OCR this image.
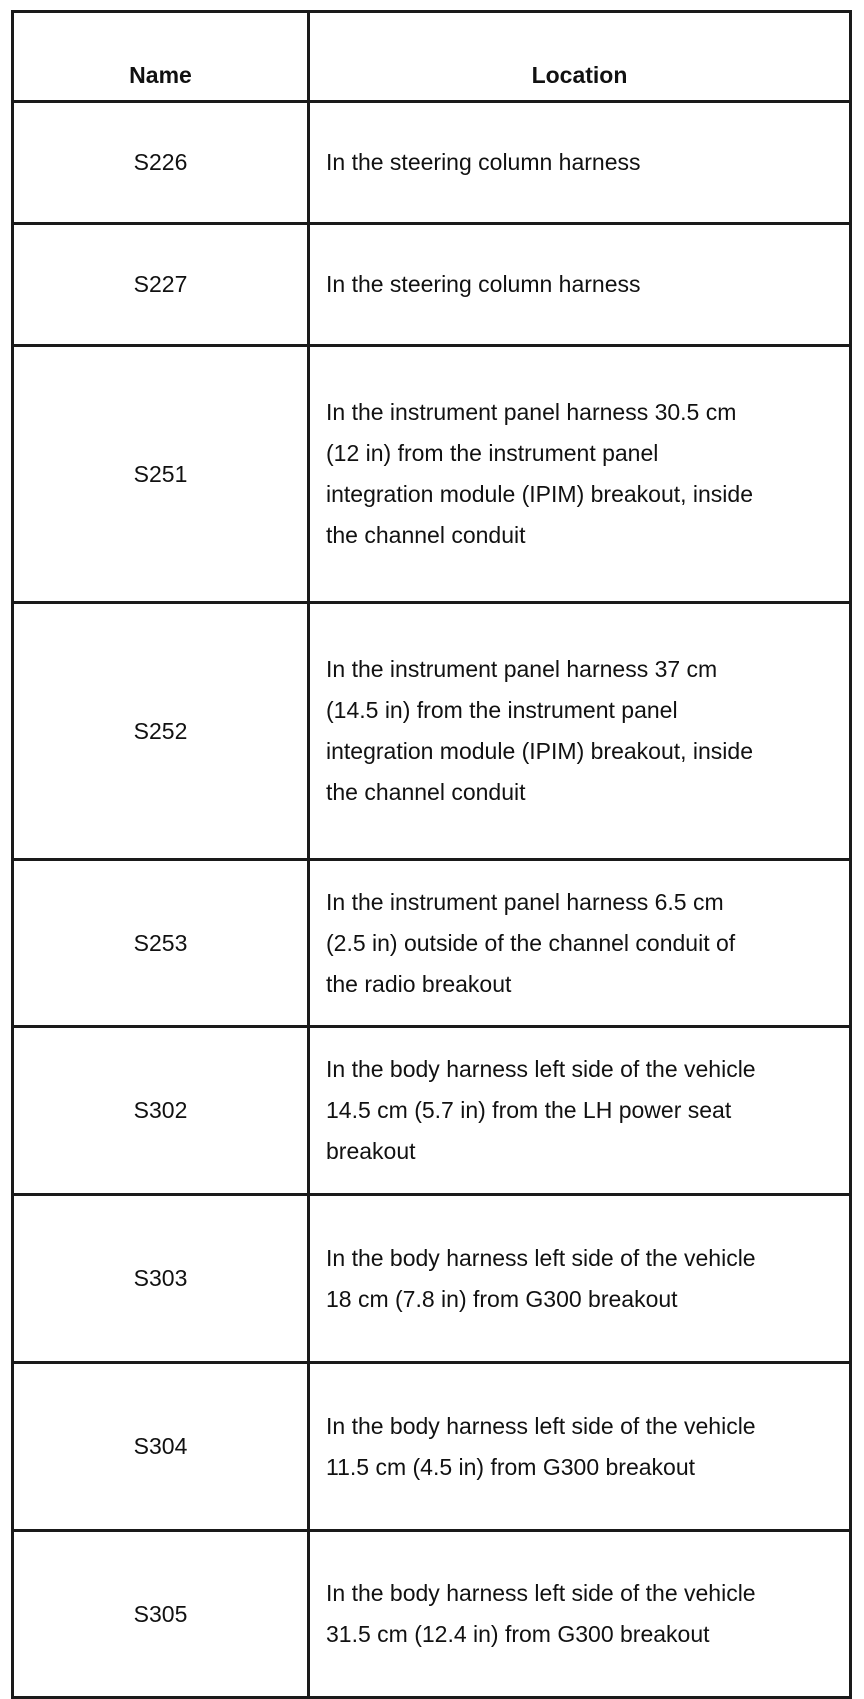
Name	Location
S226	In the steering column harness

S227	In the steering column harness

S251	In the instrument panel harness 30.5 cm (12 in) from the instrument panel integration module (IPIM) breakout, inside the channel conduit

S252	In the instrument panel harness 37 cm (14.5 in) from the instrument panel integration module (IPIM) breakout, inside the channel conduit

S253	In the instrument panel harness 6.5 cm (2.5 in) outside of the channel conduit of the radio breakout

S302	In the body harness left side of the vehicle 14.5 cm (5.7 in) from the LH power seat breakout

S303	In the body harness left side of the vehicle 18 cm (7.8 in) from G300 breakout

S304	In the body harness left side of the vehicle 11.5 cm (4.5 in) from G300 breakout

S305	In the body harness left side of the vehicle 31.5 cm (12.4 in) from G300 breakout
